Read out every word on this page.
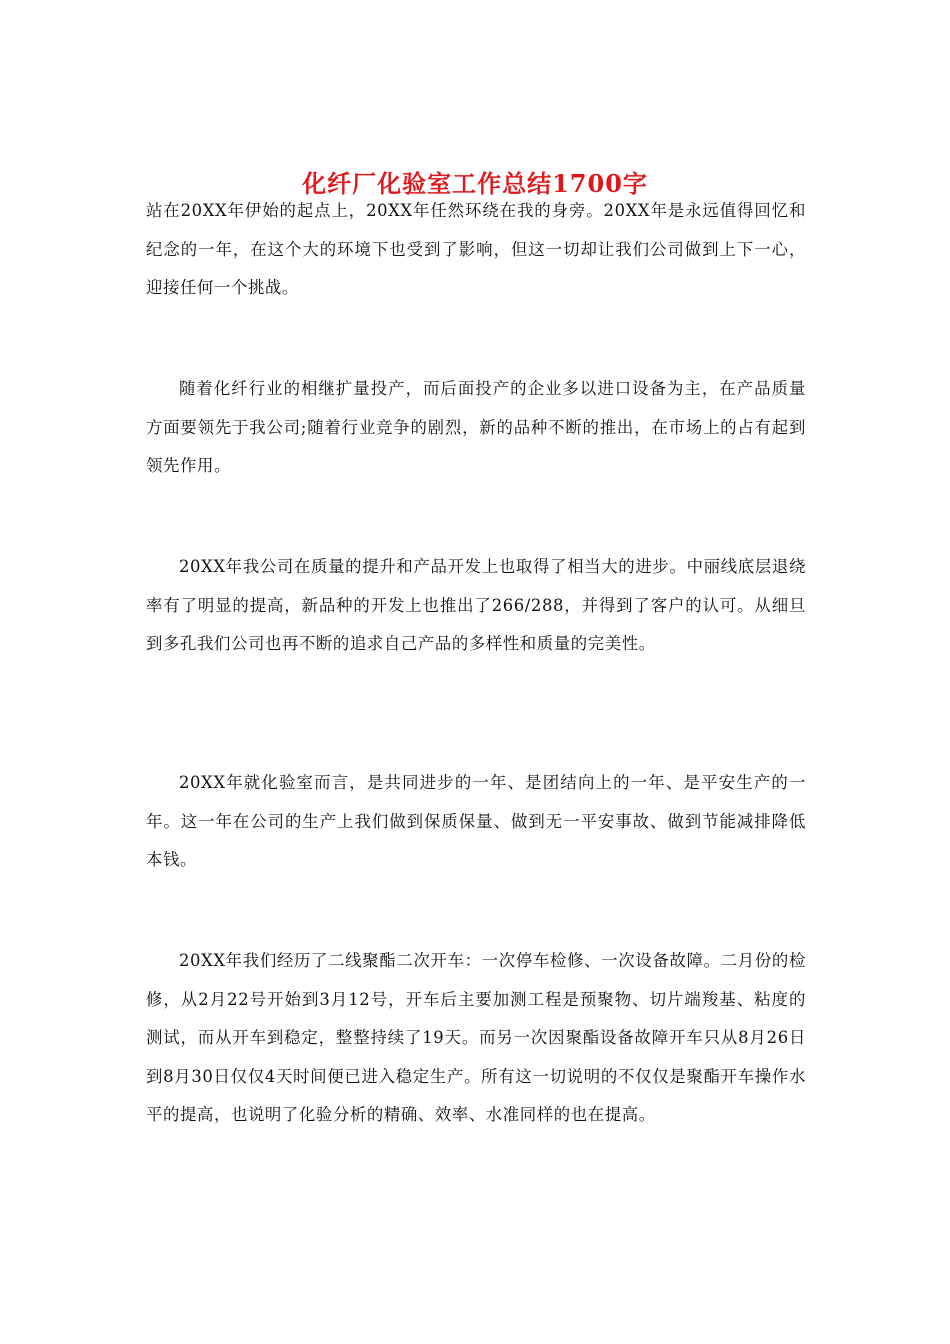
化纤厂化验室工作总结1700字

站在20XX年伊始的起点上，20XX年任然环绕在我的身旁。20XX年是永远值得回忆和纪念的一年，在这个大的环境下也受到了影响，但这一切却让我们公司做到上下一心，迎接任何一个挑战。

随着化纤行业的相继扩量投产，而后面投产的企业多以进口设备为主，在产品质量方面要领先于我公司;随着行业竞争的剧烈，新的品种不断的推出，在市场上的占有起到领先作用。

20XX年我公司在质量的提升和产品开发上也取得了相当大的进步。中丽线底层退绕率有了明显的提高，新品种的开发上也推出了266/288，并得到了客户的认可。从细旦到多孔我们公司也再不断的追求自己产品的多样性和质量的完美性。

20XX年就化验室而言，是共同进步的一年、是团结向上的一年、是平安生产的一年。这一年在公司的生产上我们做到保质保量、做到无一平安事故、做到节能减排降低本钱。

20XX年我们经历了二线聚酯二次开车：一次停车检修、一次设备故障。二月份的检修，从2月22号开始到3月12号，开车后主要加测工程是预聚物、切片端羧基、粘度的测试，而从开车到稳定，整整持续了19天。而另一次因聚酯设备故障开车只从8月26日到8月30日仅仅4天时间便已进入稳定生产。所有这一切说明的不仅仅是聚酯开车操作水平的提高，也说明了化验分析的精确、效率、水准同样的也在提高。
